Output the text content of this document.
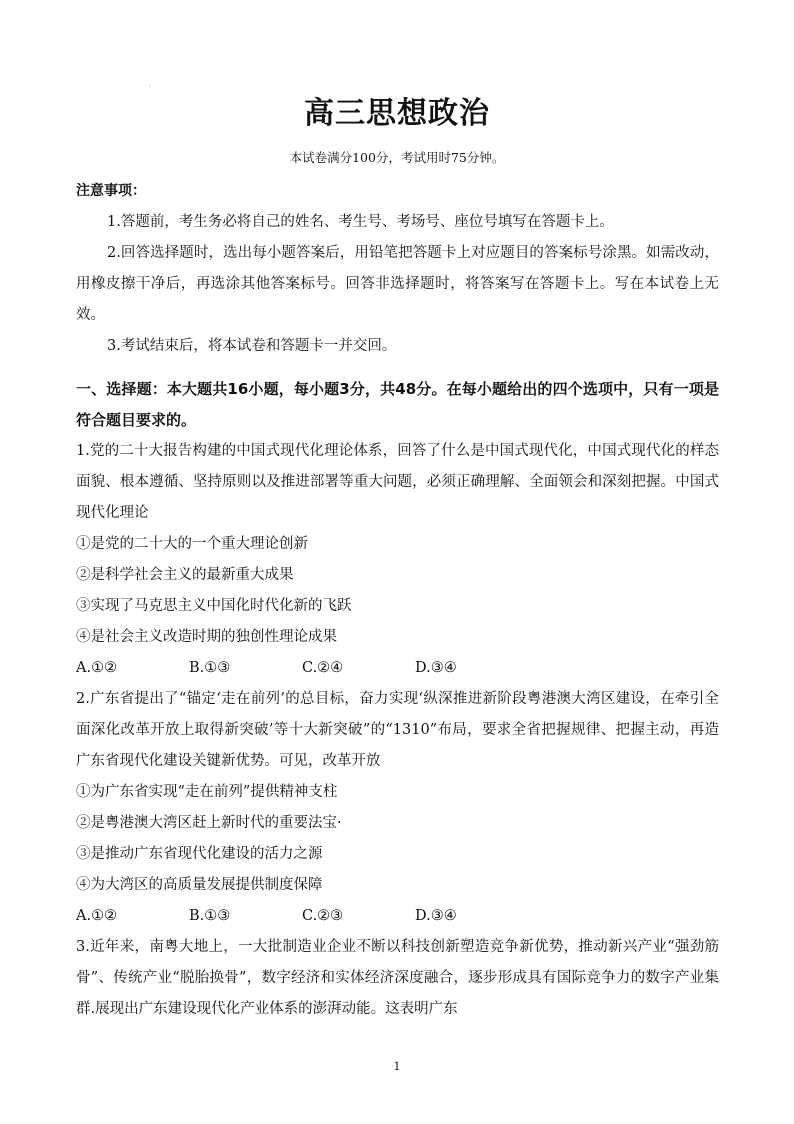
:
高三思想政治
本试卷满分100分，考试用时75分钟。

注意事项：

1.答题前，考生务必将自己的姓名、考生号、考场号、座位号填写在答题卡上。

2.回答选择题时，选出每小题答案后，用铅笔把答题卡上对应题目的答案标号涂黑。如需改动，用橡皮擦干净后，再选涂其他答案标号。回答非选择题时，将答案写在答题卡上。写在本试卷上无效。

3.考试结束后，将本试卷和答题卡一并交回。

一、选择题：本大题共16小题，每小题3分，共48分。在每小题给出的四个选项中，只有一项是符合题目要求的。

1.党的二十大报告构建的中国式现代化理论体系，回答了什么是中国式现代化，中国式现代化的样态面貌、根本遵循、坚持原则以及推进部署等重大问题，必须正确理解、全面领会和深刻把握。中国式现代化理论

①是党的二十大的一个重大理论创新

②是科学社会主义的最新重大成果

③实现了马克思主义中国化时代化新的飞跃

④是社会主义改造时期的独创性理论成果

A.①②	B.①③	C.②④	D.③④

2.广东省提出了“锚定‘走在前列’的总目标，奋力实现‘纵深推进新阶段粤港澳大湾区建设，在牵引全面深化改革开放上取得新突破’等十大新突破”的“1310”布局，要求全省把握规律、把握主动，再造广东省现代化建设关键新优势。可见，改革开放

①为广东省实现“走在前列”提供精神支柱

②是粤港澳大湾区赶上新时代的重要法宝·

③是推动广东省现代化建设的活力之源

④为大湾区的高质量发展提供制度保障

A.①②	B.①③	C.②③	D.③④

3.近年来，南粤大地上，一大批制造业企业不断以科技创新塑造竞争新优势，推动新兴产业“强劲筋骨”、传统产业“脱胎换骨”，数字经济和实体经济深度融合，逐步形成具有国际竞争力的数字产业集群.展现出广东建设现代化产业体系的澎湃动能。这表明广东

1
